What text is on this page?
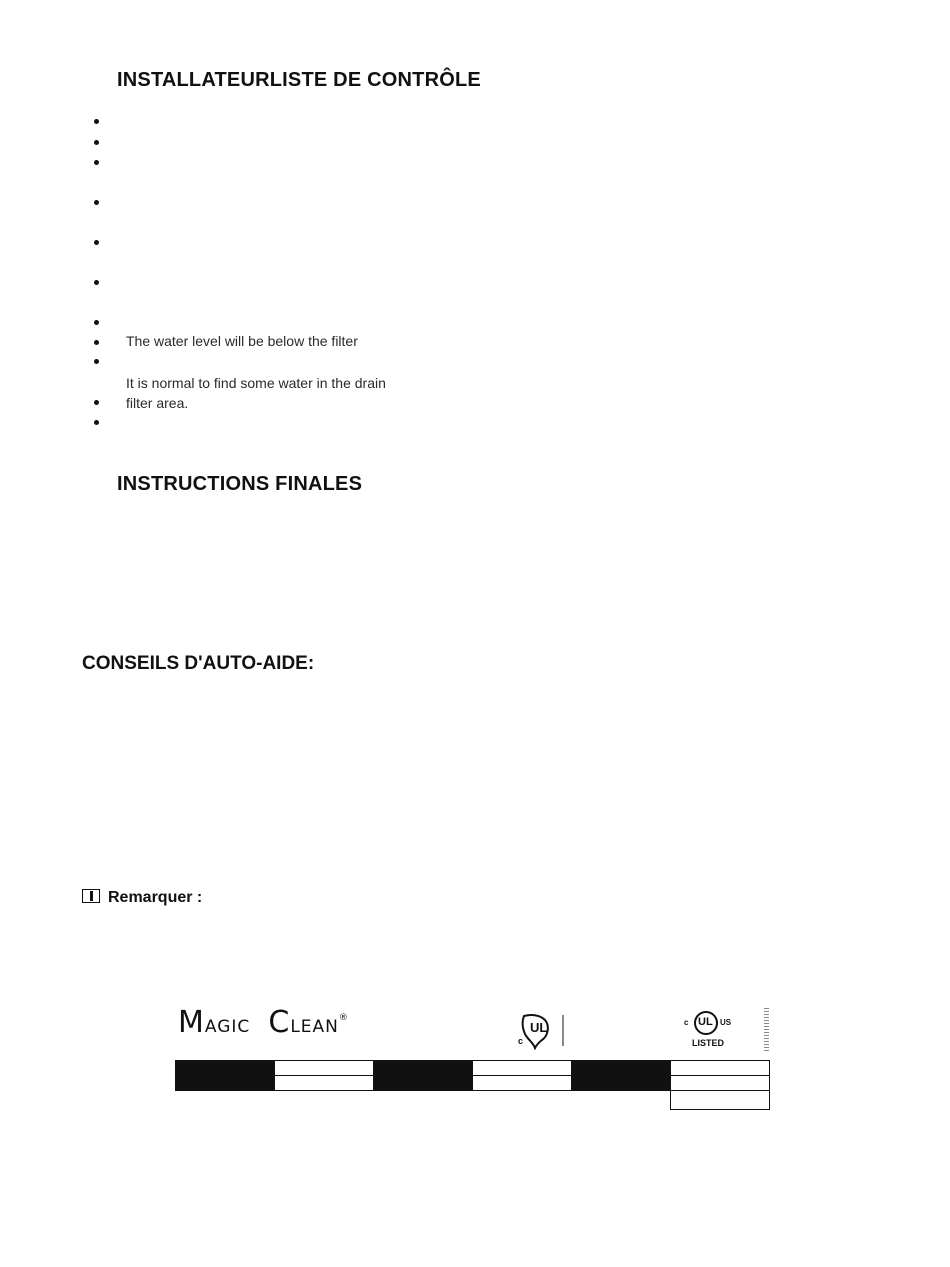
INSTALLATEURLISTE DE CONTRÔLE
The water level will be below the filter
It is normal to find some water in the drain
filter area.
INSTRUCTIONS FINALES
CONSEILS D'AUTO-AIDE:
Remarquer :
MAGIC CLEAN®
UL
c
UL
c	US
LISTED
